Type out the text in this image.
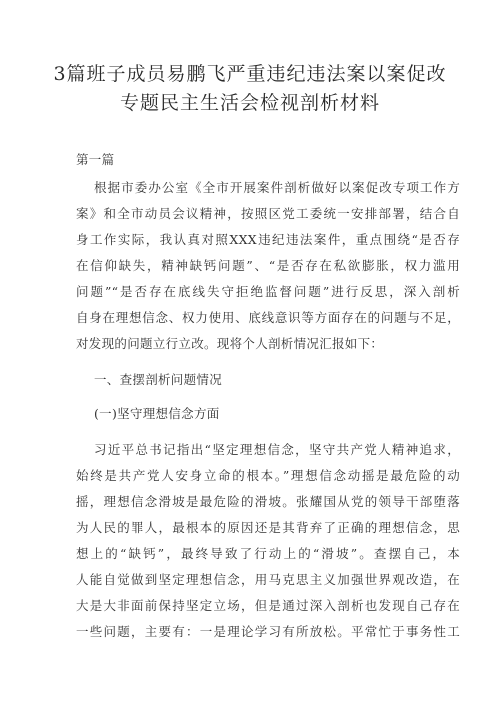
3篇班子成员易鹏飞严重违纪违法案以案促改
专题民主生活会检视剖析材料
第一篇
根据市委办公室《全市开展案件剖析做好以案促改专项工作方
案》和全市动员会议精神，按照区党工委统一安排部署，结合自
身工作实际，我认真对照XXX违纪违法案件，重点围绕“是否存
在信仰缺失，精神缺钙问题”、“是否存在私欲膨胀，权力滥用
问题”“是否存在底线失守拒绝监督问题”进行反思，深入剖析
自身在理想信念、权力使用、底线意识等方面存在的问题与不足，
对发现的问题立行立改。现将个人剖析情况汇报如下：
一、查摆剖析问题情况
(一)坚守理想信念方面
习近平总书记指出“坚定理想信念，坚守共产党人精神追求，
始终是共产党人安身立命的根本。”理想信念动摇是最危险的动
摇，理想信念滑坡是最危险的滑坡。张耀国从党的领导干部堕落
为人民的罪人，最根本的原因还是其背弃了正确的理想信念，思
想上的“缺钙”，最终导致了行动上的“滑坡”。查摆自己，本
人能自觉做到坚定理想信念，用马克思主义加强世界观改造，在
大是大非面前保持坚定立场，但是通过深入剖析也发现自己存在
一些问题，主要有：一是理论学习有所放松。平常忙于事务性工
